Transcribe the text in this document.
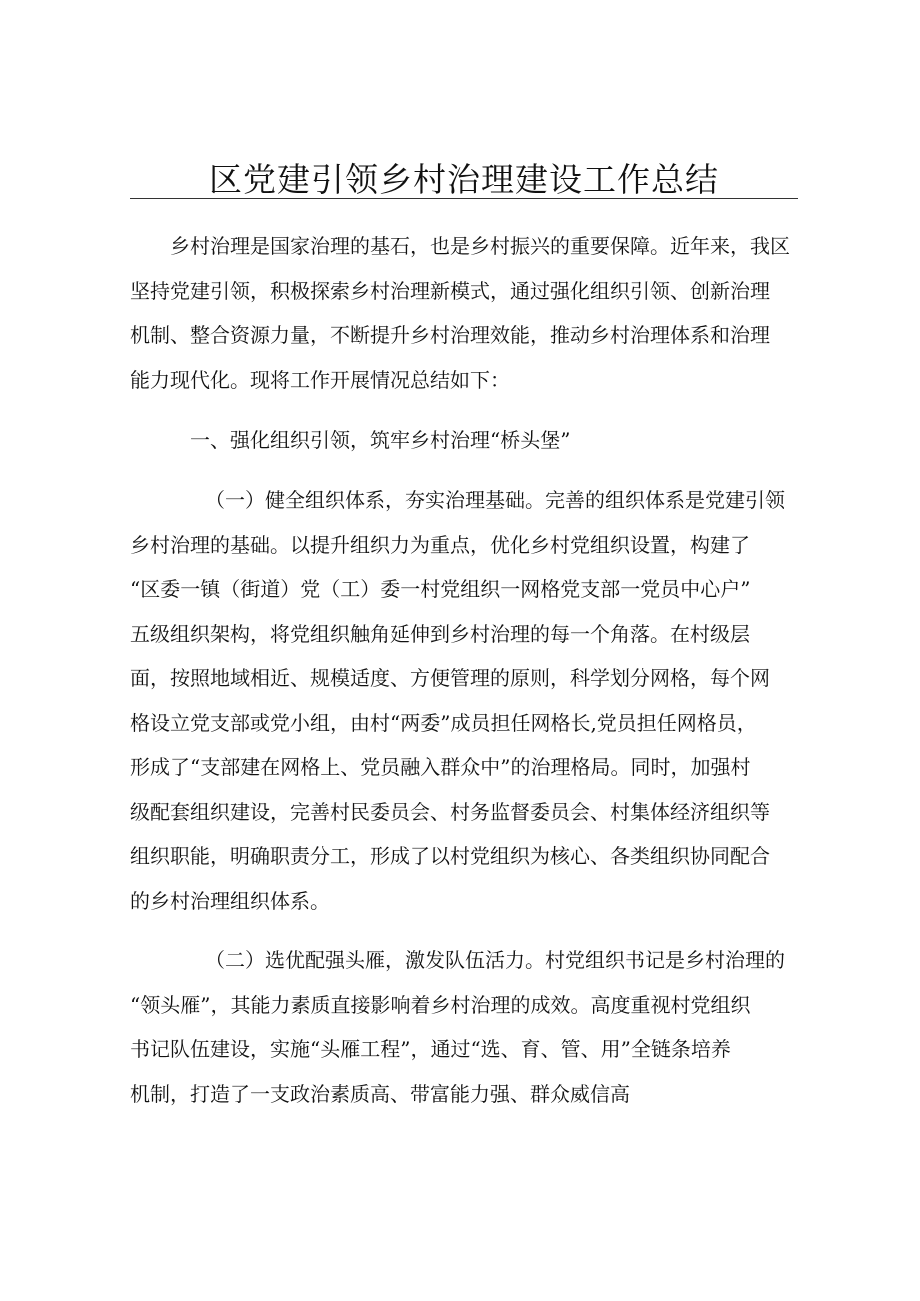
区党建引领乡村治理建设工作总结
乡村治理是国家治理的基石，也是乡村振兴的重要保障。近年来，我区
坚持党建引领，积极探索乡村治理新模式，通过强化组织引领、创新治理
机制、整合资源力量，不断提升乡村治理效能，推动乡村治理体系和治理
能力现代化。现将工作开展情况总结如下：
一、强化组织引领，筑牢乡村治理“桥头堡”
（一）健全组织体系，夯实治理基础。完善的组织体系是党建引领
乡村治理的基础。以提升组织力为重点，优化乡村党组织设置，构建了
“区委一镇（街道）党（工）委一村党组织一网格党支部一党员中心户”
五级组织架构，将党组织触角延伸到乡村治理的每一个角落。在村级层
面，按照地域相近、规模适度、方便管理的原则，科学划分网格，每个网
格设立党支部或党小组，由村“两委”成员担任网格长,党员担任网格员，
形成了“支部建在网格上、党员融入群众中”的治理格局。同时，加强村
级配套组织建设，完善村民委员会、村务监督委员会、村集体经济组织等
组织职能，明确职责分工，形成了以村党组织为核心、各类组织协同配合
的乡村治理组织体系。
（二）选优配强头雁，激发队伍活力。村党组织书记是乡村治理的
“领头雁”，其能力素质直接影响着乡村治理的成效。高度重视村党组织
书记队伍建设，实施“头雁工程”，通过“选、育、管、用”全链条培养
机制，打造了一支政治素质高、带富能力强、群众威信高
